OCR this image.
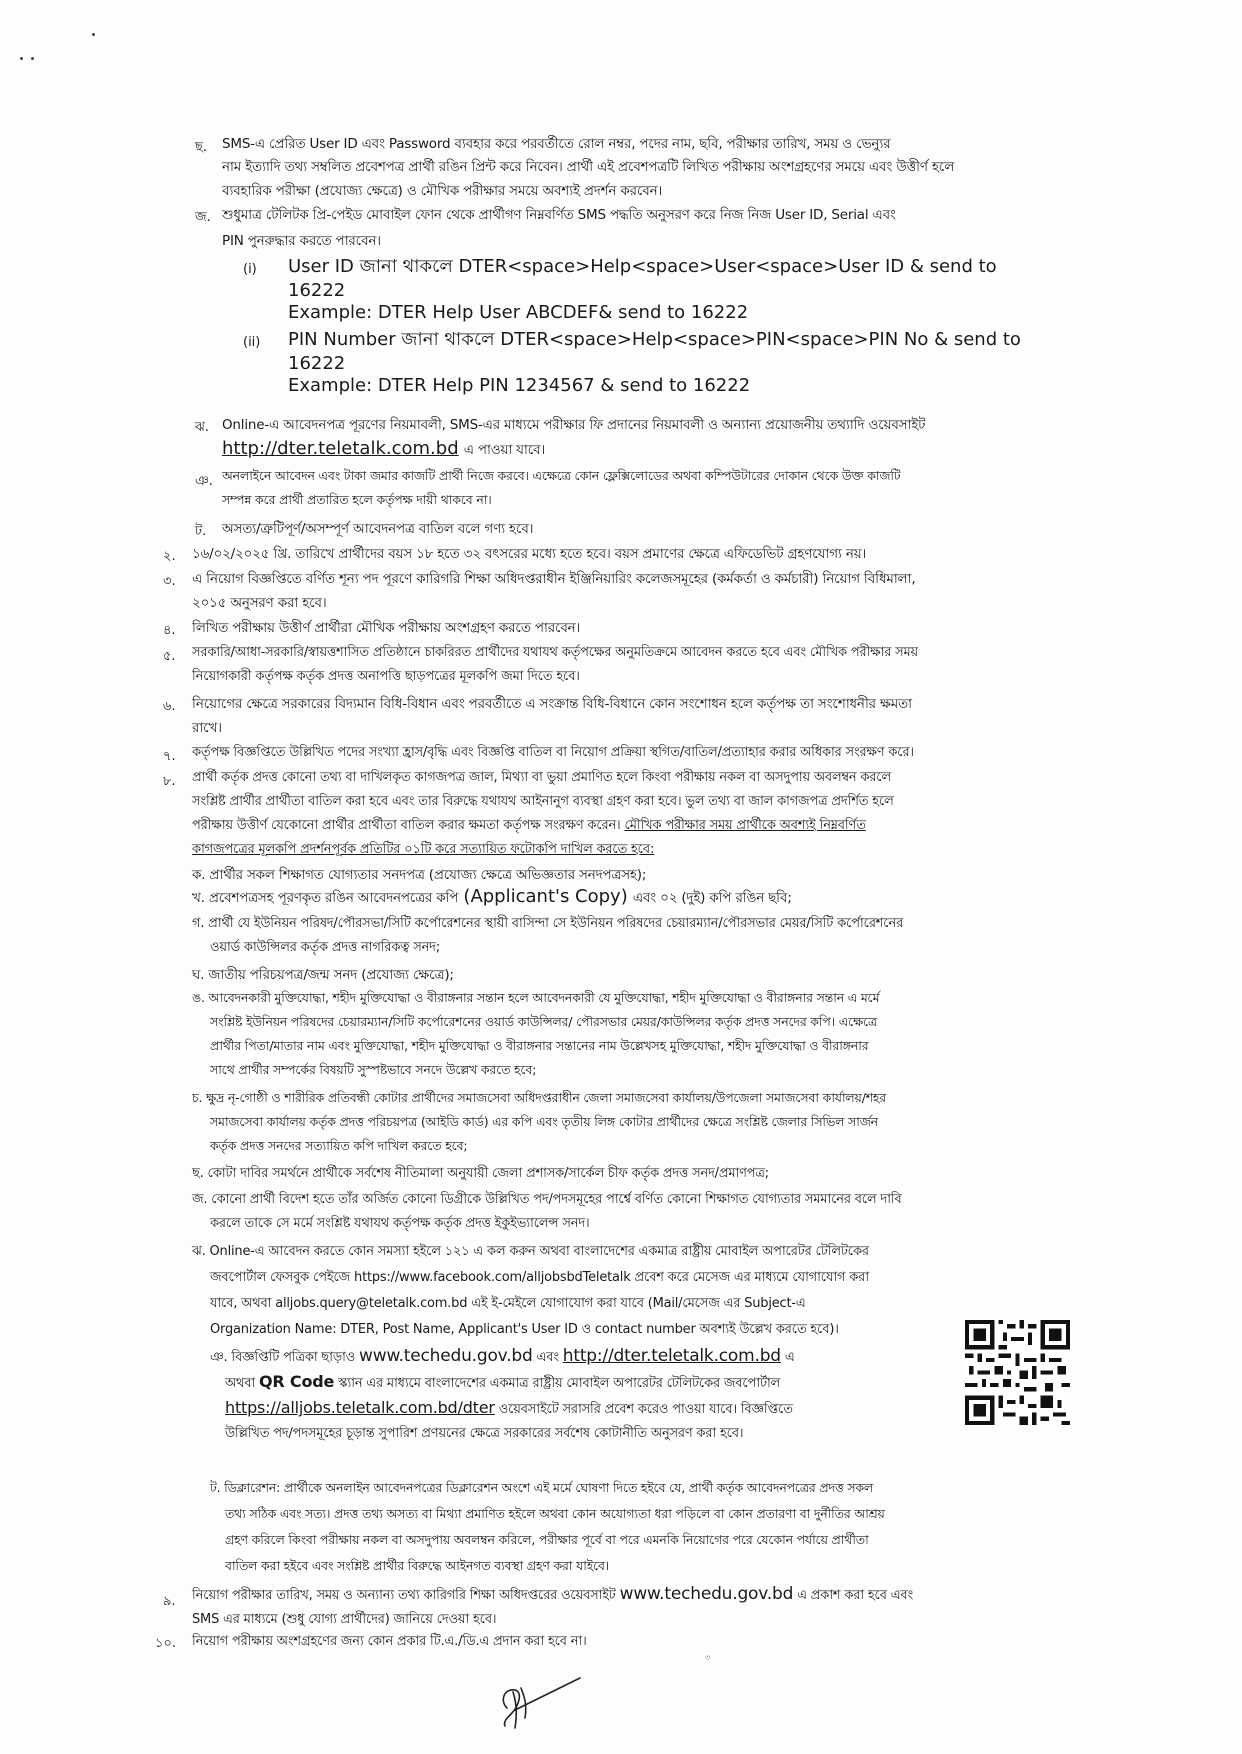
ছ. SMS-এ প্রেরিত User ID এবং Password ব্যবহার করে পরবর্তীতে রোল নম্বর, পদের নাম, ছবি, পরীক্ষার তারিখ, সময় ও ভেন্যুর
নাম ইত্যাদি তথ্য সম্বলিত প্রবেশপত্র প্রার্থী রঙিন প্রিন্ট করে নিবেন। প্রার্থী এই প্রবেশপত্রটি লিখিত পরীক্ষায় অংশগ্রহণের সময়ে এবং উত্তীর্ণ হলে
ব্যবহারিক পরীক্ষা (প্রযোজ্য ক্ষেত্রে) ও মৌখিক পরীক্ষার সময়ে অবশ্যই প্রদর্শন করবেন।
জ. শুধুমাত্র টেলিটক প্রি-পেইড মোবাইল ফোন থেকে প্রার্থীগণ নিম্নবর্ণিত SMS পদ্ধতি অনুসরণ করে নিজ নিজ User ID, Serial এবং
PIN পুনরুদ্ধার করতে পারবেন।
(i) User ID জানা থাকলে DTER<space>Help<space>User<space>User ID & send to
16222
Example: DTER Help User ABCDEF& send to 16222
(ii) PIN Number জানা থাকলে DTER<space>Help<space>PIN<space>PIN No & send to
16222
Example: DTER Help PIN 1234567 & send to 16222
ঝ. Online-এ আবেদনপত্র পূরণের নিয়মাবলী, SMS-এর মাধ্যমে পরীক্ষার ফি প্রদানের নিয়মাবলী ও অন্যান্য প্রয়োজনীয় তথ্যাদি ওয়েবসাইট
http://dter.teletalk.com.bd এ পাওয়া যাবে।
ঞ. অনলাইনে আবেদন এবং টাকা জমার কাজটি প্রার্থী নিজে করবে। এক্ষেত্রে কোন ফ্লেক্সিলোডের অথবা কম্পিউটারের দোকান থেকে উক্ত কাজটি
সম্পন্ন করে প্রার্থী প্রতারিত হলে কর্তৃপক্ষ দায়ী থাকবে না।
ট. অসত্য/ত্রুটিপূর্ণ/অসম্পূর্ণ আবেদনপত্র বাতিল বলে গণ্য হবে।
২. ১৬/০২/২০২৫ খ্রি. তারিখে প্রার্থীদের বয়স ১৮ হতে ৩২ বৎসরের মধ্যে হতে হবে। বয়স প্রমাণের ক্ষেত্রে এফিডেভিট গ্রহণযোগ্য নয়।
৩. এ নিয়োগ বিজ্ঞপ্তিতে বর্ণিত শূন্য পদ পূরণে কারিগরি শিক্ষা অধিদপ্তরাধীন ইঞ্জিনিয়ারিং কলেজসমূহের (কর্মকর্তা ও কর্মচারী) নিয়োগ বিধিমালা,
২০১৫ অনুসরণ করা হবে।
৪. লিখিত পরীক্ষায় উত্তীর্ণ প্রার্থীরা মৌখিক পরীক্ষায় অংশগ্রহণ করতে পারবেন।
৫. সরকারি/আধা-সরকারি/স্বায়ত্তশাসিত প্রতিষ্ঠানে চাকরিরত প্রার্থীদের যথাযথ কর্তৃপক্ষের অনুমতিক্রমে আবেদন করতে হবে এবং মৌখিক পরীক্ষার সময়
নিয়োগকারী কর্তৃপক্ষ কর্তৃক প্রদত্ত অনাপত্তি ছাড়পত্রের মূলকপি জমা দিতে হবে।
৬. নিয়োগের ক্ষেত্রে সরকারের বিদ্যমান বিধি-বিধান এবং পরবর্তীতে এ সংক্রান্ত বিধি-বিধানে কোন সংশোধন হলে কর্তৃপক্ষ তা সংশোধনীর ক্ষমতা
রাখে।
৭. কর্তৃপক্ষ বিজ্ঞপ্তিতে উল্লিখিত পদের সংখ্যা হ্রাস/বৃদ্ধি এবং বিজ্ঞপ্তি বাতিল বা নিয়োগ প্রক্রিয়া স্থগিত/বাতিল/প্রত্যাহার করার অধিকার সংরক্ষণ করে।
৮. প্রার্থী কর্তৃক প্রদত্ত কোনো তথ্য বা দাখিলকৃত কাগজপত্র জাল, মিথ্যা বা ভুয়া প্রমাণিত হলে কিংবা পরীক্ষায় নকল বা অসদুপায় অবলম্বন করলে
সংশ্লিষ্ট প্রার্থীর প্রার্থীতা বাতিল করা হবে এবং তার বিরুদ্ধে যথাযথ আইনানুগ ব্যবস্থা গ্রহণ করা হবে। ভুল তথ্য বা জাল কাগজপত্র প্রদর্শিত হলে
পরীক্ষায় উত্তীর্ণ যেকোনো প্রার্থীর প্রার্থীতা বাতিল করার ক্ষমতা কর্তৃপক্ষ সংরক্ষণ করেন। মৌখিক পরীক্ষার সময় প্রার্থীকে অবশ্যই নিম্নবর্ণিত
কাগজপত্রের মূলকপি প্রদর্শনপূর্বক প্রতিটির ০১টি করে সত্যায়িত ফটোকপি দাখিল করতে হবে:
ক. প্রার্থীর সকল শিক্ষাগত যোগ্যতার সনদপত্র (প্রযোজ্য ক্ষেত্রে অভিজ্ঞতার সনদপত্রসহ);
খ. প্রবেশপত্রসহ পূরণকৃত রঙিন আবেদনপত্রের কপি (Applicant's Copy) এবং ০২ (দুই) কপি রঙিন ছবি;
গ. প্রার্থী যে ইউনিয়ন পরিষদ/পৌরসভা/সিটি কর্পোরেশনের স্থায়ী বাসিন্দা সে ইউনিয়ন পরিষদের চেয়ারম্যান/পৌরসভার মেয়র/সিটি কর্পোরেশনের
ওয়ার্ড কাউন্সিলর কর্তৃক প্রদত্ত নাগরিকত্ব সনদ;
ঘ. জাতীয় পরিচয়পত্র/জন্ম সনদ (প্রযোজ্য ক্ষেত্রে);
ঙ. আবেদনকারী মুক্তিযোদ্ধা, শহীদ মুক্তিযোদ্ধা ও বীরাঙ্গনার সন্তান হলে আবেদনকারী যে মুক্তিযোদ্ধা, শহীদ মুক্তিযোদ্ধা ও বীরাঙ্গনার সন্তান এ মর্মে
সংশ্লিষ্ট ইউনিয়ন পরিষদের চেয়ারম্যান/সিটি কর্পোরেশনের ওয়ার্ড কাউন্সিলর/ পৌরসভার মেয়র/কাউন্সিলর কর্তৃক প্রদত্ত সনদের কপি। এক্ষেত্রে
প্রার্থীর পিতা/মাতার নাম এবং মুক্তিযোদ্ধা, শহীদ মুক্তিযোদ্ধা ও বীরাঙ্গনার সন্তানের নাম উল্লেখসহ মুক্তিযোদ্ধা, শহীদ মুক্তিযোদ্ধা ও বীরাঙ্গনার
সাথে প্রার্থীর সম্পর্কের বিষয়টি সুস্পষ্টভাবে সনদে উল্লেখ করতে হবে;
চ. ক্ষুদ্র নৃ-গোষ্ঠী ও শারীরিক প্রতিবন্ধী কোটার প্রার্থীদের সমাজসেবা অধিদপ্তরাধীন জেলা সমাজসেবা কার্যালয়/উপজেলা সমাজসেবা কার্যালয়/শহর
সমাজসেবা কার্যালয় কর্তৃক প্রদত্ত পরিচয়পত্র (আইডি কার্ড) এর কপি এবং তৃতীয় লিঙ্গ কোটার প্রার্থীদের ক্ষেত্রে সংশ্লিষ্ট জেলার সিভিল সার্জন
কর্তৃক প্রদত্ত সনদের সত্যায়িত কপি দাখিল করতে হবে;
ছ. কোটা দাবির সমর্থনে প্রার্থীকে সর্বশেষ নীতিমালা অনুযায়ী জেলা প্রশাসক/সার্কেল চীফ কর্তৃক প্রদত্ত সনদ/প্রমাণপত্র;
জ. কোনো প্রার্থী বিদেশ হতে তাঁর অর্জিত কোনো ডিগ্রীকে উল্লিখিত পদ/পদসমূহের পার্শ্বে বর্ণিত কোনো শিক্ষাগত যোগ্যতার সমমানের বলে দাবি
করলে তাকে সে মর্মে সংশ্লিষ্ট যথাযথ কর্তৃপক্ষ কর্তৃক প্রদত্ত ইকুইভ্যালেন্স সনদ।
ঝ. Online-এ আবেদন করতে কোন সমস্যা হইলে ১২১ এ কল করুন অথবা বাংলাদেশের একমাত্র রাষ্ট্রীয় মোবাইল অপারেটর টেলিটকের
জবপোর্টাল ফেসবুক পেইজে https://www.facebook.com/alljobsbdTeletalk প্রবেশ করে মেসেজ এর মাধ্যমে যোগাযোগ করা
যাবে, অথবা alljobs.query@teletalk.com.bd এই ই-মেইলে যোগাযোগ করা যাবে (Mail/মেসেজ এর Subject-এ
Organization Name: DTER, Post Name, Applicant's User ID ও contact number অবশ্যই উল্লেখ করতে হবে)।
ঞ. বিজ্ঞপ্তিটি পত্রিকা ছাড়াও www.techedu.gov.bd এবং http://dter.teletalk.com.bd এ
অথবা QR Code স্ক্যান এর মাধ্যমে বাংলাদেশের একমাত্র রাষ্ট্রীয় মোবাইল অপারেটর টেলিটকের জবপোর্টাল
https://alljobs.teletalk.com.bd/dter ওয়েবসাইটে সরাসরি প্রবেশ করেও পাওয়া যাবে। বিজ্ঞপ্তিতে
উল্লিখিত পদ/পদসমূহের চূড়ান্ত সুপারিশ প্রণয়নের ক্ষেত্রে সরকারের সর্বশেষ কোটানীতি অনুসরণ করা হবে।
ট. ডিক্লারেশন: প্রার্থীকে অনলাইন আবেদনপত্রের ডিক্লারেশন অংশে এই মর্মে ঘোষণা দিতে হইবে যে, প্রার্থী কর্তৃক আবেদনপত্রের প্রদত্ত সকল
তথ্য সঠিক এবং সত্য। প্রদত্ত তথ্য অসত্য বা মিথ্যা প্রমাণিত হইলে অথবা কোন অযোগ্যতা ধরা পড়িলে বা কোন প্রতারণা বা দুর্নীতির আশ্রয়
গ্রহণ করিলে কিংবা পরীক্ষায় নকল বা অসদুপায় অবলম্বন করিলে, পরীক্ষার পূর্বে বা পরে এমনকি নিয়োগের পরে যেকোন পর্যায়ে প্রার্থীতা
বাতিল করা হইবে এবং সংশ্লিষ্ট প্রার্থীর বিরুদ্ধে আইনগত ব্যবস্থা গ্রহণ করা যাইবে।
৯. নিয়োগ পরীক্ষার তারিখ, সময় ও অন্যান্য তথ্য কারিগরি শিক্ষা অধিদপ্তরের ওয়েবসাইট www.techedu.gov.bd এ প্রকাশ করা হবে এবং
SMS এর মাধ্যমে (শুধু যোগ্য প্রার্থীদের) জানিয়ে দেওয়া হবে।
১০. নিয়োগ পরীক্ষায় অংশগ্রহণের জন্য কোন প্রকার টি.এ./ডি.এ প্রদান করা হবে না।
৩
